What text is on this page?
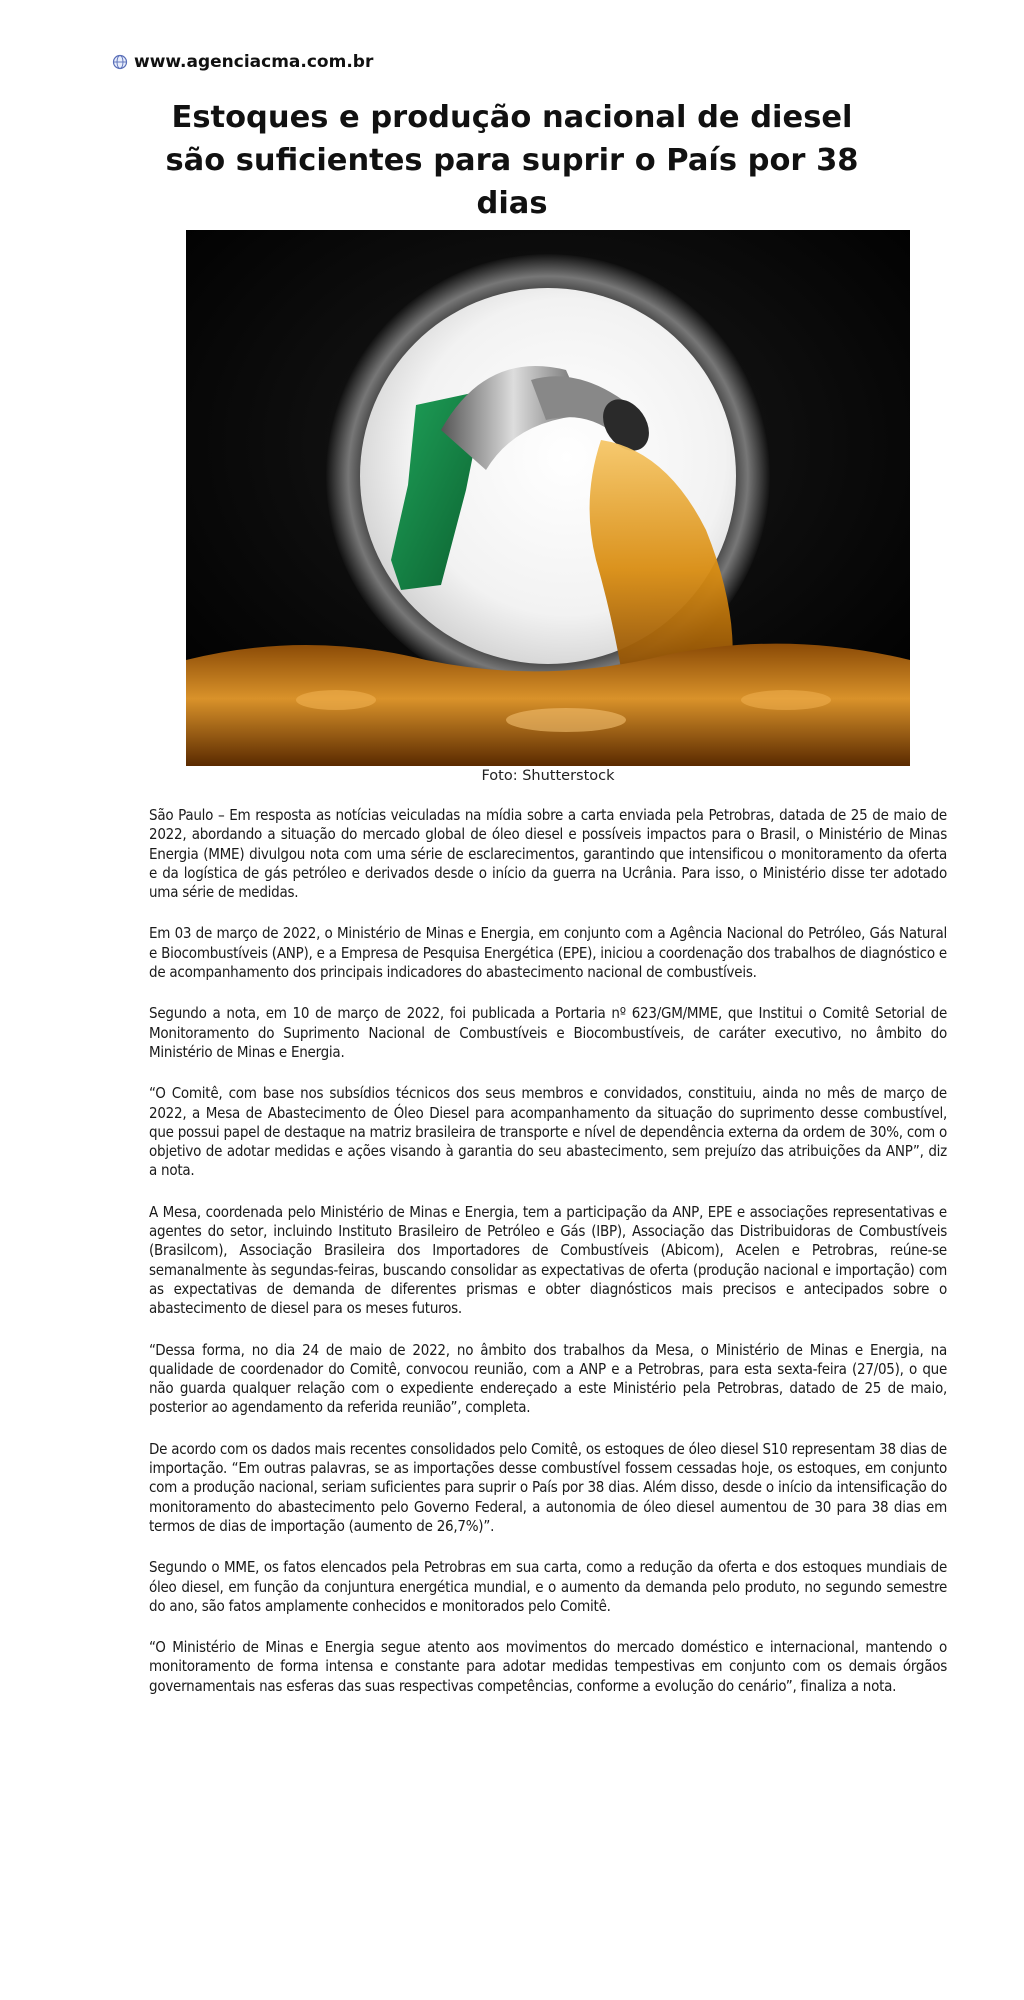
www.agenciacma.com.br
Estoques e produção nacional de diesel são suficientes para suprir o País por 38 dias
Foto: Shutterstock

São Paulo – Em resposta as notícias veiculadas na mídia sobre a carta enviada pela Petrobras, datada de 25 de maio de 2022, abordando a situação do mercado global de óleo diesel e possíveis impactos para o Brasil, o Ministério de Minas Energia (MME) divulgou nota com uma série de esclarecimentos, garantindo que intensificou o monitoramento da oferta e da logística de gás petróleo e derivados desde o início da guerra na Ucrânia. Para isso, o Ministério disse ter adotado uma série de medidas.

Em 03 de março de 2022, o Ministério de Minas e Energia, em conjunto com a Agência Nacional do Petróleo, Gás Natural e Biocombustíveis (ANP), e a Empresa de Pesquisa Energética (EPE), iniciou a coordenação dos trabalhos de diagnóstico e de acompanhamento dos principais indicadores do abastecimento nacional de combustíveis.

Segundo a nota, em 10 de março de 2022, foi publicada a Portaria nº 623/GM/MME, que Institui o Comitê Setorial de Monitoramento do Suprimento Nacional de Combustíveis e Biocombustíveis, de caráter executivo, no âmbito do Ministério de Minas e Energia.

“O Comitê, com base nos subsídios técnicos dos seus membros e convidados, constituiu, ainda no mês de março de 2022, a Mesa de Abastecimento de Óleo Diesel para acompanhamento da situação do suprimento desse combustível, que possui papel de destaque na matriz brasileira de transporte e nível de dependência externa da ordem de 30%, com o objetivo de adotar medidas e ações visando à garantia do seu abastecimento, sem prejuízo das atribuições da ANP”, diz a nota.

A Mesa, coordenada pelo Ministério de Minas e Energia, tem a participação da ANP, EPE e associações representativas e agentes do setor, incluindo Instituto Brasileiro de Petróleo e Gás (IBP), Associação das Distribuidoras de Combustíveis (Brasilcom), Associação Brasileira dos Importadores de Combustíveis (Abicom), Acelen e Petrobras, reúne-se semanalmente às segundas-feiras, buscando consolidar as expectativas de oferta (produção nacional e importação) com as expectativas de demanda de diferentes prismas e obter diagnósticos mais precisos e antecipados sobre o abastecimento de diesel para os meses futuros.

“Dessa forma, no dia 24 de maio de 2022, no âmbito dos trabalhos da Mesa, o Ministério de Minas e Energia, na qualidade de coordenador do Comitê, convocou reunião, com a ANP e a Petrobras, para esta sexta-feira (27/05), o que não guarda qualquer relação com o expediente endereçado a este Ministério pela Petrobras, datado de 25 de maio, posterior ao agendamento da referida reunião”, completa.

De acordo com os dados mais recentes consolidados pelo Comitê, os estoques de óleo diesel S10 representam 38 dias de importação. “Em outras palavras, se as importações desse combustível fossem cessadas hoje, os estoques, em conjunto com a produção nacional, seriam suficientes para suprir o País por 38 dias. Além disso, desde o início da intensificação do monitoramento do abastecimento pelo Governo Federal, a autonomia de óleo diesel aumentou de 30 para 38 dias em termos de dias de importação (aumento de 26,7%)”.

Segundo o MME, os fatos elencados pela Petrobras em sua carta, como a redução da oferta e dos estoques mundiais de óleo diesel, em função da conjuntura energética mundial, e o aumento da demanda pelo produto, no segundo semestre do ano, são fatos amplamente conhecidos e monitorados pelo Comitê.

“O Ministério de Minas e Energia segue atento aos movimentos do mercado doméstico e internacional, mantendo o monitoramento de forma intensa e constante para adotar medidas tempestivas em conjunto com os demais órgãos governamentais nas esferas das suas respectivas competências, conforme a evolução do cenário”, finaliza a nota.
